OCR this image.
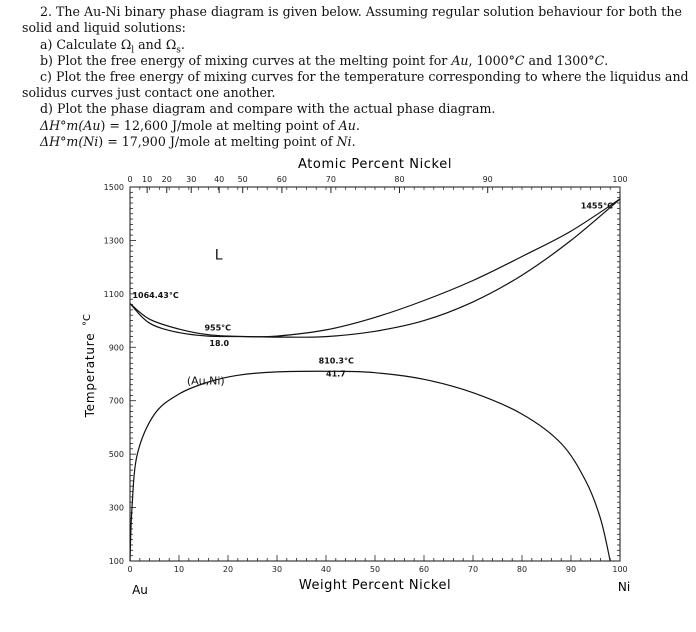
2. The Au-Ni binary phase diagram is given below. Assuming regular solution behaviour for both the
solid and liquid solutions:
a) Calculate $\Omega_l$ and $\Omega_s$.
b) Plot the free energy of mixing curves at the melting point for Au, 1000°C and 1300°C.
c) Plot the free energy of mixing curves for the temperature corresponding to where the liquidus and
solidus curves just contact one another.
d) Plot the phase diagram and compare with the actual phase diagram.
ΔH°m(Au) = 12,600 J/mole at melting point of Au.
ΔH°m(Ni) = 17,900 J/mole at melting point of Ni.
0	10	20	30	40	50	60	70	80	90	100
100
300
500
700
900
1100
1300
1500
0 10 20 30 40 50	60	70	80	90	100
Atomic Percent Nickel
Weight Percent Nickel
Au	Ni
Temperature
°C
1064.43°C
955°C
18.0
810.3°C
41.7
1455°C
L
(Au,Ni)
